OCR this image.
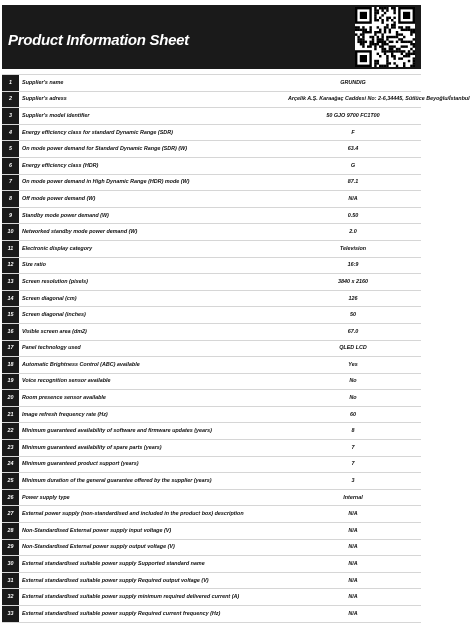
Product Information Sheet
1	Supplier's name	GRUNDIG
2	Supplier's adress	Arçelik A.Ş. Karaağaç Caddesi No: 2-6,34445, Sütlüce Beyoğlu/İstanbul
3	Supplier's model identifier	50 GJO 9700 FC1T00
4	Energy efficiency class for standard Dynamic Range (SDR)	F
5	On mode power demand for Standard Dynamic Range (SDR) (W)	63.4
6	Energy efficiency class (HDR)	G
7	On mode power demand in High Dynamic Range (HDR) mode (W)	87.1
8	Off mode power demand (W)	N/A
9	Standby mode power demand (W)	0.50
10	Networked standby mode power demand (W)	2.0
11	Electronic display category	Television
12	Size ratio	16:9
13	Screen resolution (pixels)	3840 x 2160
14	Screen diagonal (cm)	126
15	Screen diagonal (inches)	50
16	Visible screen area (dm2)	67.0
17	Panel technology used	QLED LCD
18	Automatic Brightness Control (ABC) available	Yes
19	Voice recognition sensor available	No
20	Room presence sensor available	No
21	Image refresh frequency rate (Hz)	60
22	Minimum guaranteed availability of software and firmware updates (years)	8
23	Minimum guaranteed availability of spare parts (years)	7
24	Minimum guaranteed product support (years)	7
25	Minimum duration of the general guarantee offered by the supplier (years)	3
26	Power supply type	Internal
27	External power supply (non-standardised and included in the product box) description	N/A
28	Non-Standardised External power supply input voltage (V)	N/A
29	Non-Standardised External power supply output voltage (V)	N/A
30	External standardised suitable power supply Supported standard name	N/A
31	External standardised suitable power supply Required output voltage (V)	N/A
32	External standardised suitable power supply minimum required delivered current (A)	N/A
33	External standardised suitable power supply Required current frequency (Hz)	N/A
